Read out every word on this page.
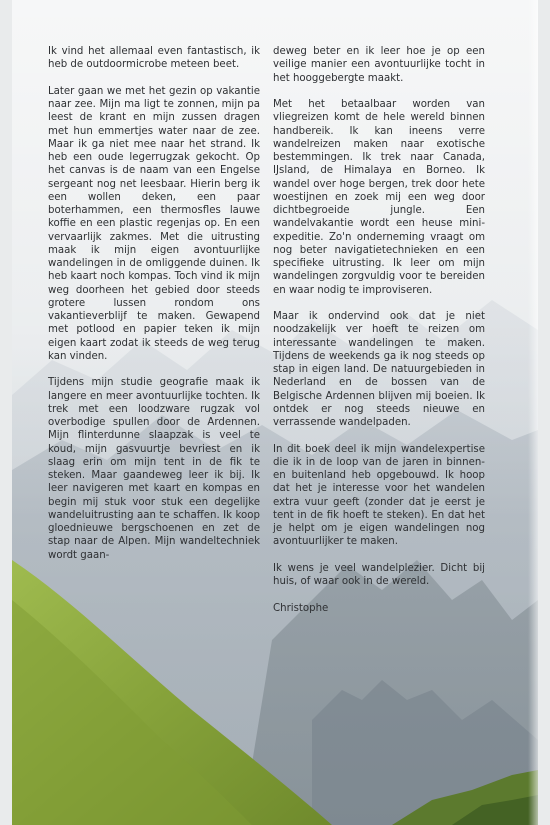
Ik vind het allemaal even fantastisch, ik heb de outdoormicrobe meteen beet.

Later gaan we met het gezin op vakantie naar zee. Mijn ma ligt te zonnen, mijn pa leest de krant en mijn zussen dragen met hun emmertjes water naar de zee. Maar ik ga niet mee naar het strand. Ik heb een oude legerrugzak gekocht. Op het canvas is de naam van een Engelse sergeant nog net leesbaar. Hierin berg ik een wollen deken, een paar boterhammen, een thermosfles lauwe koffie en een plastic regenjas op. En een vervaarlijk zakmes. Met die uitrusting maak ik mijn eigen avontuurlijke wandelingen in de omliggende duinen. Ik heb kaart noch kompas. Toch vind ik mijn weg doorheen het gebied door steeds grotere lussen rondom ons vakantieverblijf te maken. Gewapend met potlood en papier teken ik mijn eigen kaart zodat ik steeds de weg terug kan vinden.

Tijdens mijn studie geografie maak ik langere en meer avontuurlijke tochten. Ik trek met een loodzware rugzak vol overbodige spullen door de Ardennen. Mijn flinterdunne slaapzak is veel te koud, mijn gasvuurtje bevriest en ik slaag erin om mijn tent in de fik te steken. Maar gaandeweg leer ik bij. Ik leer navigeren met kaart en kompas en begin mij stuk voor stuk een degelijke wandeluitrusting aan te schaffen. Ik koop gloednieuwe bergschoenen en zet de stap naar de Alpen. Mijn wandeltechniek wordt gaan-

deweg beter en ik leer hoe je op een veilige manier een avontuurlijke tocht in het hooggebergte maakt.

Met het betaalbaar worden van vliegreizen komt de hele wereld binnen handbereik. Ik kan ineens verre wandelreizen maken naar exotische bestemmingen. Ik trek naar Canada, IJsland, de Himalaya en Borneo. Ik wandel over hoge bergen, trek door hete woestijnen en zoek mij een weg door dichtbegroeide jungle. Een wandelvakantie wordt een heuse mini-expeditie. Zo'n onderneming vraagt om nog beter navigatietechnieken en een specifieke uitrusting. Ik leer om mijn wandelingen zorgvuldig voor te bereiden en waar nodig te improviseren.

Maar ik ondervind ook dat je niet noodzakelijk ver hoeft te reizen om interessante wandelingen te maken. Tijdens de weekends ga ik nog steeds op stap in eigen land. De natuurgebieden in Nederland en de bossen van de Belgische Ardennen blijven mij boeien. Ik ontdek er nog steeds nieuwe en verrassende wandelpaden.

In dit boek deel ik mijn wandelexpertise die ik in de loop van de jaren in binnen- en buitenland heb opgebouwd. Ik hoop dat het je interesse voor het wandelen extra vuur geeft (zonder dat je eerst je tent in de fik hoeft te steken). En dat het je helpt om je eigen wandelingen nog avontuurlijker te maken.

Ik wens je veel wandelplezier. Dicht bij huis, of waar ook in de wereld.

Christophe
